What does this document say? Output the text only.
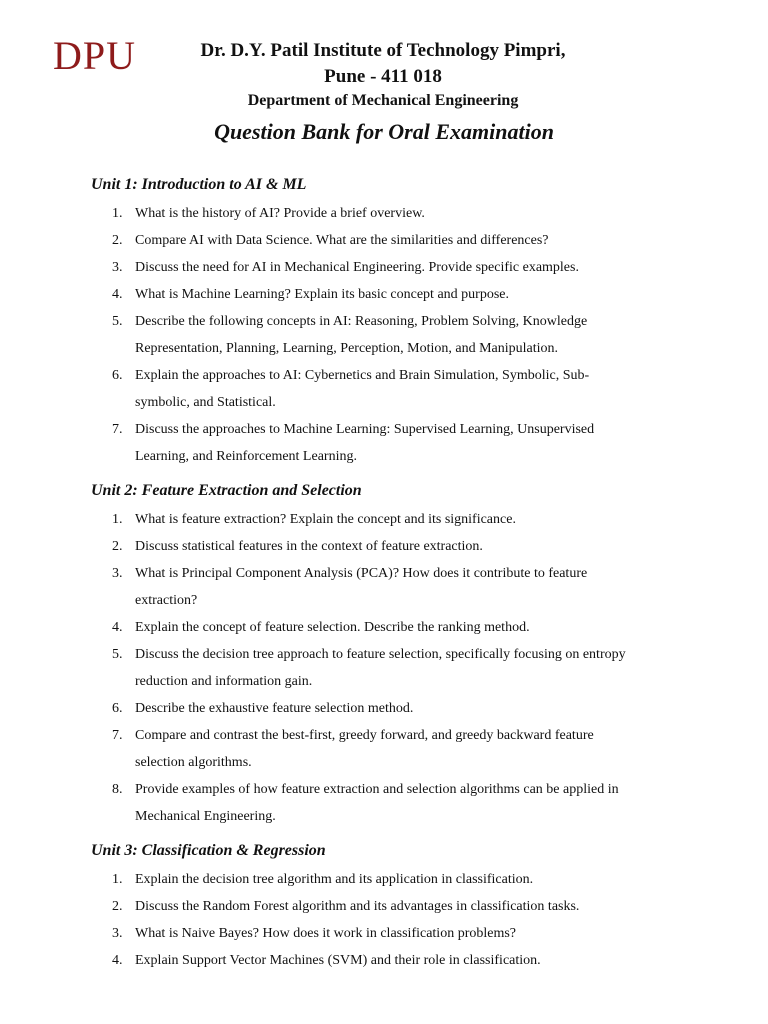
DPU	Dr. D.Y. Patil Institute of Technology Pimpri,
Pune - 411 018
Department of Mechanical Engineering
Question Bank for Oral Examination
Unit 1: Introduction to AI & ML
1. What is the history of AI? Provide a brief overview.
2. Compare AI with Data Science. What are the similarities and differences?
3. Discuss the need for AI in Mechanical Engineering. Provide specific examples.
4. What is Machine Learning? Explain its basic concept and purpose.
5. Describe the following concepts in AI: Reasoning, Problem Solving, Knowledge
Representation, Planning, Learning, Perception, Motion, and Manipulation.
6. Explain the approaches to AI: Cybernetics and Brain Simulation, Symbolic, Sub-
symbolic, and Statistical.
7. Discuss the approaches to Machine Learning: Supervised Learning, Unsupervised
Learning, and Reinforcement Learning.
Unit 2: Feature Extraction and Selection
1. What is feature extraction? Explain the concept and its significance.
2. Discuss statistical features in the context of feature extraction.
3. What is Principal Component Analysis (PCA)? How does it contribute to feature
extraction?
4. Explain the concept of feature selection. Describe the ranking method.
5. Discuss the decision tree approach to feature selection, specifically focusing on entropy
reduction and information gain.
6. Describe the exhaustive feature selection method.
7. Compare and contrast the best-first, greedy forward, and greedy backward feature
selection algorithms.
8. Provide examples of how feature extraction and selection algorithms can be applied in
Mechanical Engineering.
Unit 3: Classification & Regression
1. Explain the decision tree algorithm and its application in classification.
2. Discuss the Random Forest algorithm and its advantages in classification tasks.
3. What is Naive Bayes? How does it work in classification problems?
4. Explain Support Vector Machines (SVM) and their role in classification.
